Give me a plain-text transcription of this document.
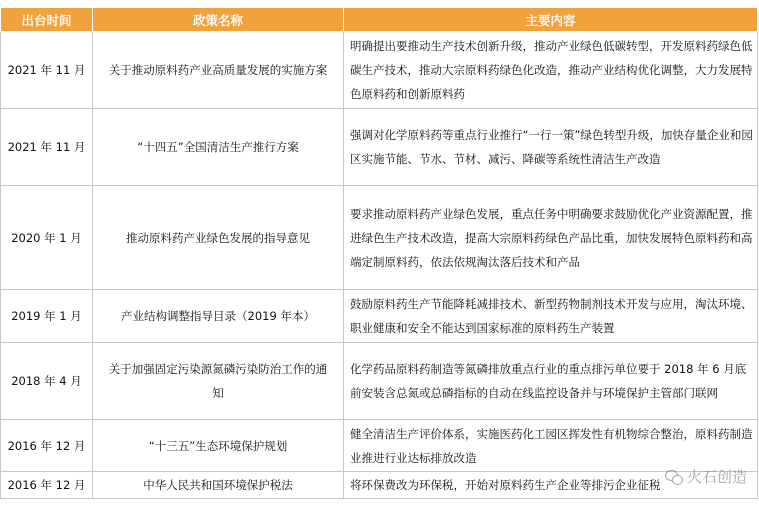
出台时间	政策名称	主要内容
2021 年 11 月	关于推动原料药产业高质量发展的实施方案	明确提出要推动生产技术创新升级，推动产业绿色低碳转型，开发原料药绿色低碳生产技术，推动大宗原料药绿色化改造，推动产业结构优化调整，大力发展特色原料药和创新原料药
2021 年 11 月	“十四五”全国清洁生产推行方案	强调对化学原料药等重点行业推行“一行一策”绿色转型升级，加快存量企业和园区实施节能、节水、节材、减污、降碳等系统性清洁生产改造
2020 年 1 月	推动原料药产业绿色发展的指导意见	要求推动原料药产业绿色发展，重点任务中明确要求鼓励优化产业资源配置，推进绿色生产技术改造，提高大宗原料药绿色产品比重，加快发展特色原料药和高端定制原料药，依法依规淘汰落后技术和产品
2019 年 1 月	产业结构调整指导目录（2019 年本）	鼓励原料药生产节能降耗减排技术、新型药物制剂技术开发与应用，淘汰环境、职业健康和安全不能达到国家标准的原料药生产装置
2018 年 4 月	关于加强固定污染源氮磷污染防治工作的通知	化学药品原料药制造等氮磷排放重点行业的重点排污单位要于 2018 年 6 月底前安装含总氮或总磷指标的自动在线监控设备并与环境保护主管部门联网
2016 年 12 月	“十三五”生态环境保护规划	健全清洁生产评价体系，实施医药化工园区挥发性有机物综合整治，原料药制造业推进行业达标排放改造
2016 年 12 月	中华人民共和国环境保护税法	将环保费改为环保税，开始对原料药生产企业等排污企业征税 火石创造
